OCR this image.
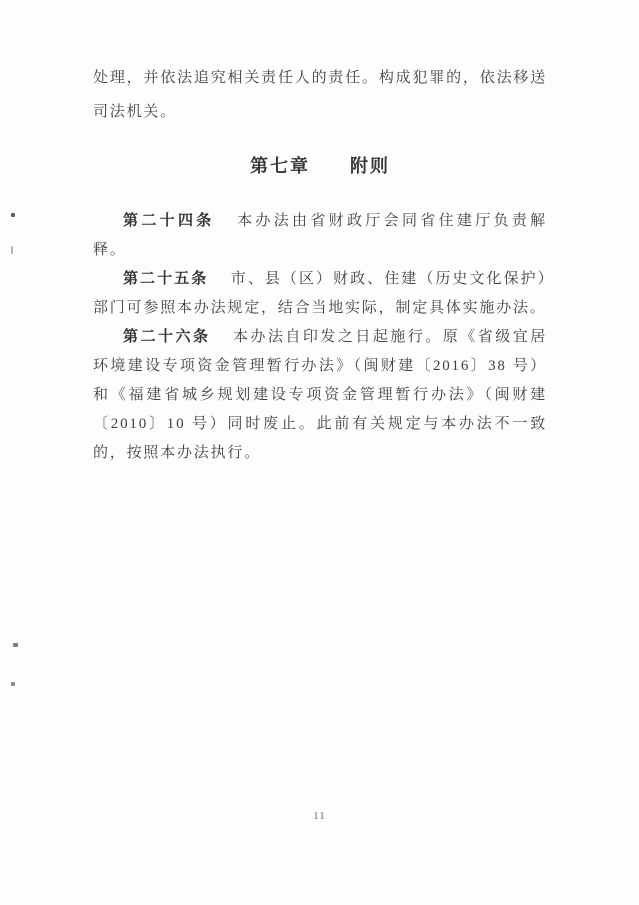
处理，并依法追究相关责任人的责任。构成犯罪的，依法移送司法机关。

第七章　　附则

第二十四条 本办法由省财政厅会同省住建厅负责解释。

第二十五条 市、县（区）财政、住建（历史文化保护）部门可参照本办法规定，结合当地实际，制定具体实施办法。

第二十六条 本办法自印发之日起施行。原《省级宜居环境建设专项资金管理暂行办法》（闽财建〔2016〕38 号）和《福建省城乡规划建设专项资金管理暂行办法》（闽财建〔2010〕10 号）同时废止。此前有关规定与本办法不一致的，按照本办法执行。

11
